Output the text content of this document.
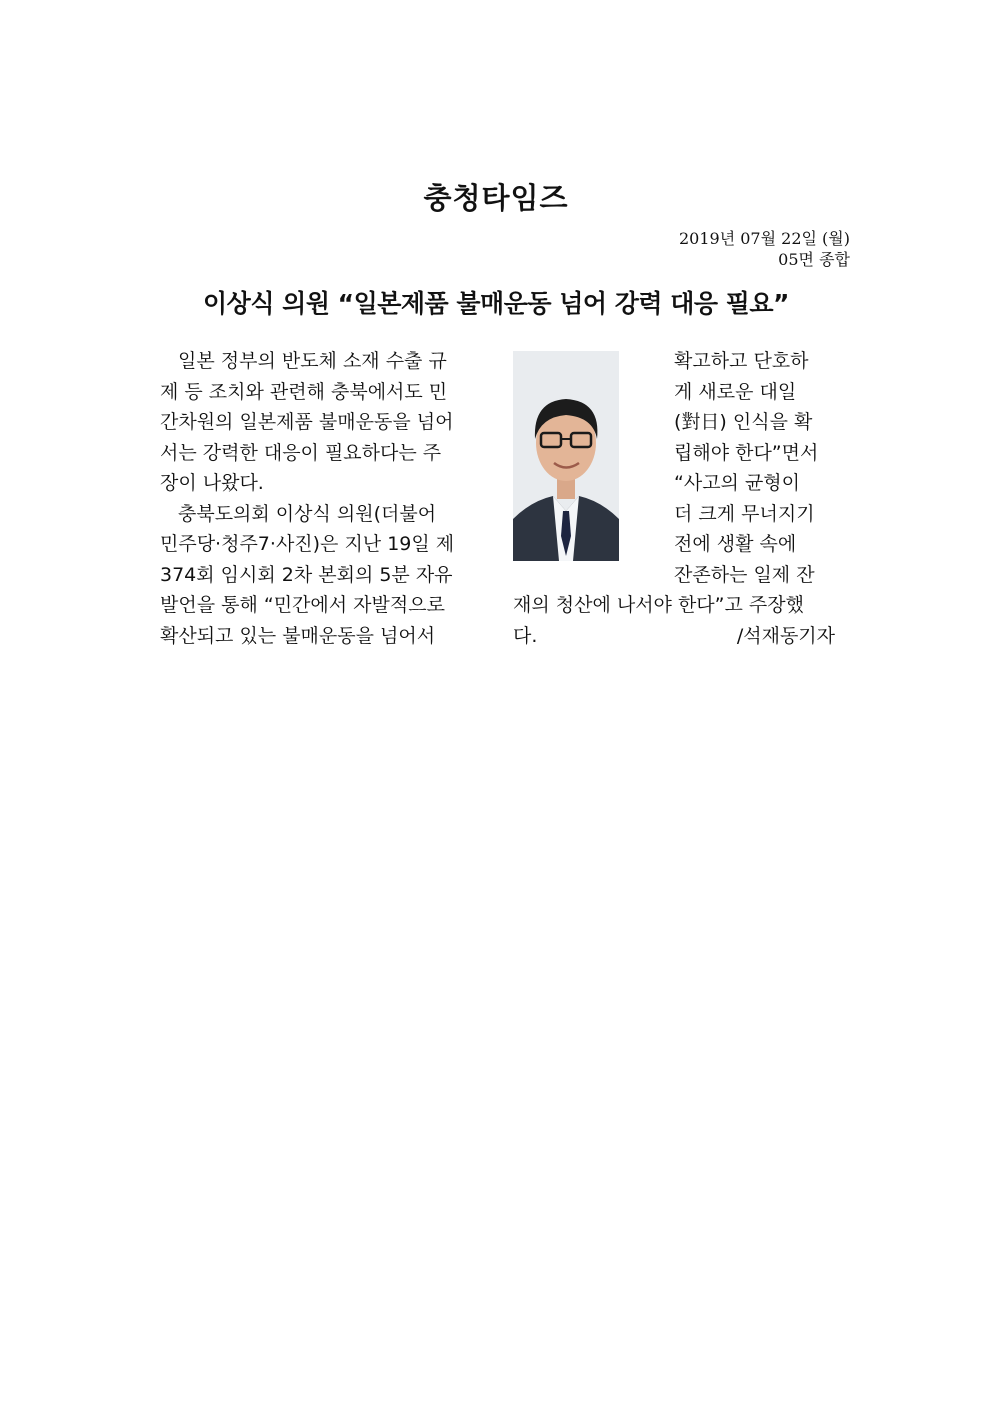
충청타임즈
2019년 07월 22일 (월)
05면 종합
이상식 의원 “일본제품 불매운동 넘어 강력 대응 필요”
일본 정부의 반도체 소재 수출 규
제 등 조치와 관련해 충북에서도 민
간차원의 일본제품 불매운동을 넘어
서는 강력한 대응이 필요하다는 주
장이 나왔다.
충북도의회 이상식 의원(더불어
민주당·청주7·사진)은 지난 19일 제
374회 임시회 2차 본회의 5분 자유
발언을 통해 “민간에서 자발적으로
확산되고 있는 불매운동을 넘어서
확고하고 단호하
게 새로운 대일
(對日) 인식을 확
립해야 한다”면서
“사고의 균형이
더 크게 무너지기
전에 생활 속에
잔존하는 일제 잔
재의 청산에 나서야 한다”고 주장했
다.	/석재동기자
